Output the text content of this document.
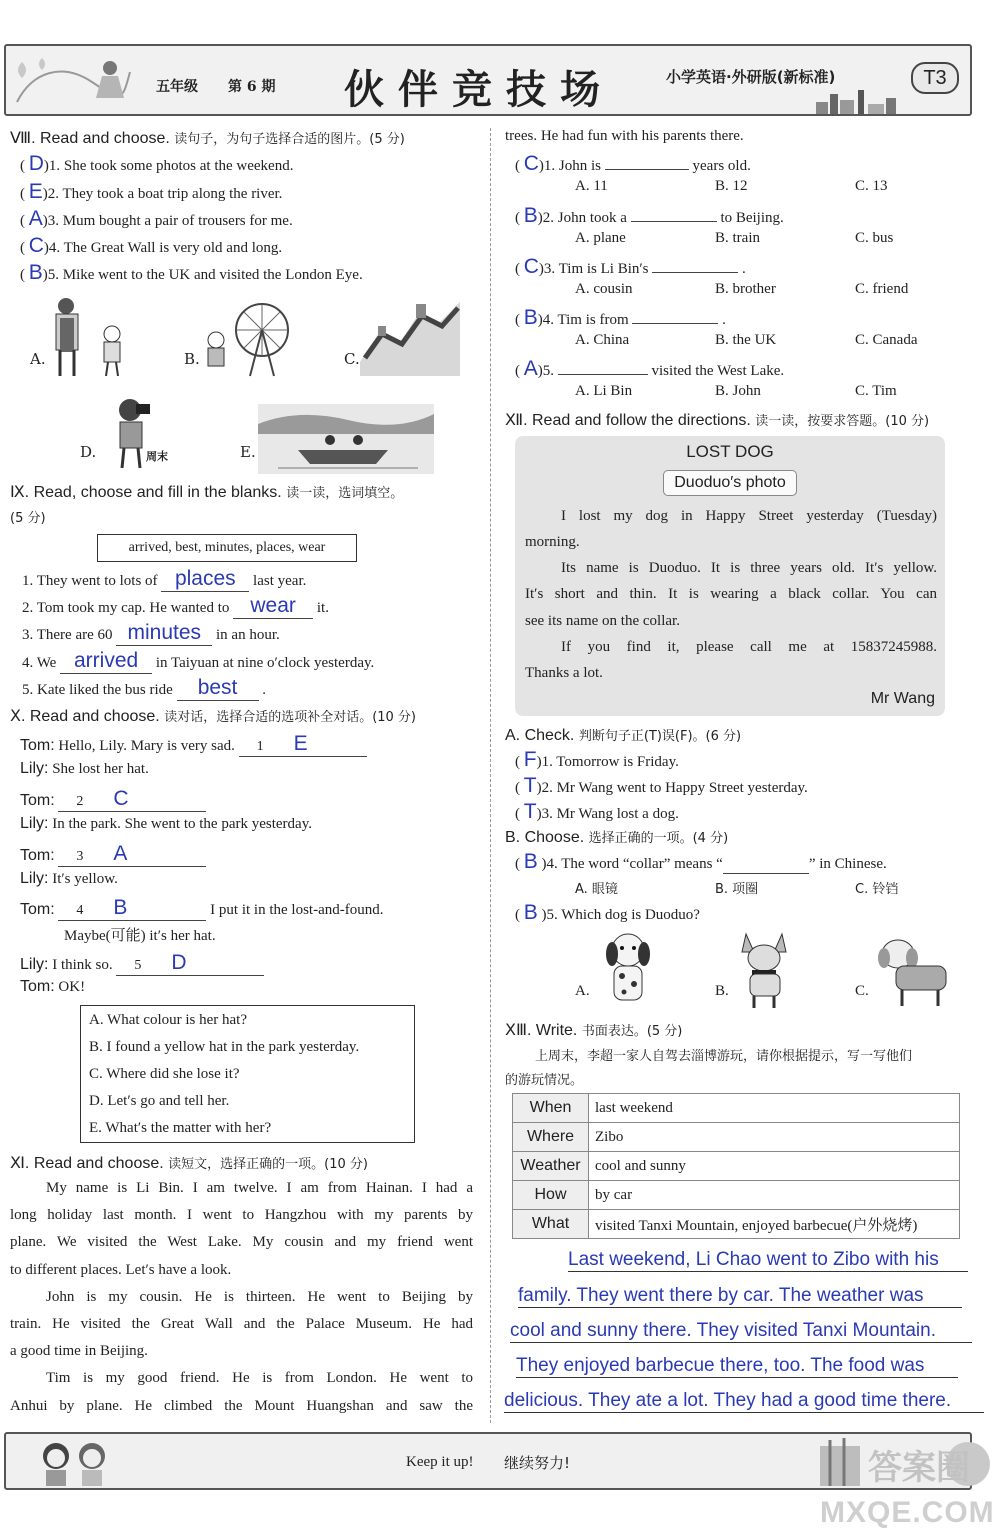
五年级 第 6 期 伙伴竞技场	小学英语·外研版(新标准)	T3
Ⅷ. Read and choose. 读句子，为句子选择合适的图片。(5 分)
( D)1. She took some photos at the weekend.
( E)2. They took a boat trip along the river.
( A)3. Mum bought a pair of trousers for me.
( C)4. The Great Wall is very old and long.
( B)5. Mike went to the UK and visited the London Eye.
A.	B.	C.
D.	周末	E.
Ⅸ. Read, choose and fill in the blanks. 读一读，选词填空。
(5 分)
arrived, best, minutes, places, wear
1. They went to lots of places last year.
2. Tom took my cap. He wanted to wear it.
3. There are 60 minutes in an hour.
4. We arrived in Taiyuan at nine o′clock yesterday.
5. Kate liked the bus ride best .
Ⅹ. Read and choose. 读对话，选择合适的选项补全对话。(10 分)
Tom: Hello, Lily. Mary is very sad. 1 E
Lily: She lost her hat.
Tom: 2 C
Lily: In the park. She went to the park yesterday.
Tom: 3 A
Lily: It′s yellow.
Tom: 4 B	I put it in the lost-and-found.
Maybe(可能) it′s her hat.
Lily: I think so. 5 D
Tom: OK!
A. What colour is her hat?
B. I found a yellow hat in the park yesterday.
C. Where did she lose it?
D. Let′s go and tell her.
E. What′s the matter with her?
Ⅺ. Read and choose. 读短文，选择正确的一项。(10 分)
My name is Li Bin. I am twelve. I am from Hainan. I had a
long holiday last month. I went to Hangzhou with my parents by
plane. We visited the West Lake. My cousin and my friend went
to different places. Let′s have a look.
John is my cousin. He is thirteen. He went to Beijing by
train. He visited the Great Wall and the Palace Museum. He had
a good time in Beijing.
Tim is my good friend. He is from London. He went to
Anhui by plane. He climbed the Mount Huangshan and saw the
trees. He had fun with his parents there.
( C)1. John is	years old.
A. 11	B. 12	C. 13
( B)2. John took a	to Beijing.
A. plane	B. train	C. bus
( C)3. Tim is Li Bin′s	.
A. cousin	B. brother	C. friend
( B)4. Tim is from	.
A. China	B. the UK	C. Canada
( A)5.	visited the West Lake.
A. Li Bin	B. John	C. Tim
Ⅻ. Read and follow the directions. 读一读，按要求答题。(10 分)
LOST DOG
Duoduo′s photo
I lost my dog in Happy Street yesterday (Tuesday)
morning.
Its name is Duoduo. It is three years old. It′s yellow.
It′s short and thin. It is wearing a black collar. You can
see its name on the collar.
If you find it, please call me at 15837245988.
Thanks a lot.
Mr Wang
A. Check. 判断句子正(T)误(F)。(6 分)
( F)1. Tomorrow is Friday.
( T)2. Mr Wang went to Happy Street yesterday.
( T)3. Mr Wang lost a dog.
B. Choose. 选择正确的一项。(4 分)
( B )4. The word “collar” means “	” in Chinese.
A. 眼镜	B. 项圈	C. 铃铛
( B )5. Which dog is Duoduo?
A.	B.	C.
ⅩⅢ. Write. 书面表达。(5 分)
上周末，李超一家人自驾去淄博游玩，请你根据提示，写一写他们
的游玩情况。
When	last weekend
Where	Zibo
Weather	cool and sunny
How	by car
What	visited Tanxi Mountain, enjoyed barbecue(户外烧烤)
Last weekend, Li Chao went to Zibo with his
family. They went there by car. The weather was
cool and sunny there. They visited Tanxi Mountain.
They enjoyed barbecue there, too. The food was
delicious. They ate a lot. They had a good time there.
Keep it up! 继续努力!	答案圈
MXQE.COM
